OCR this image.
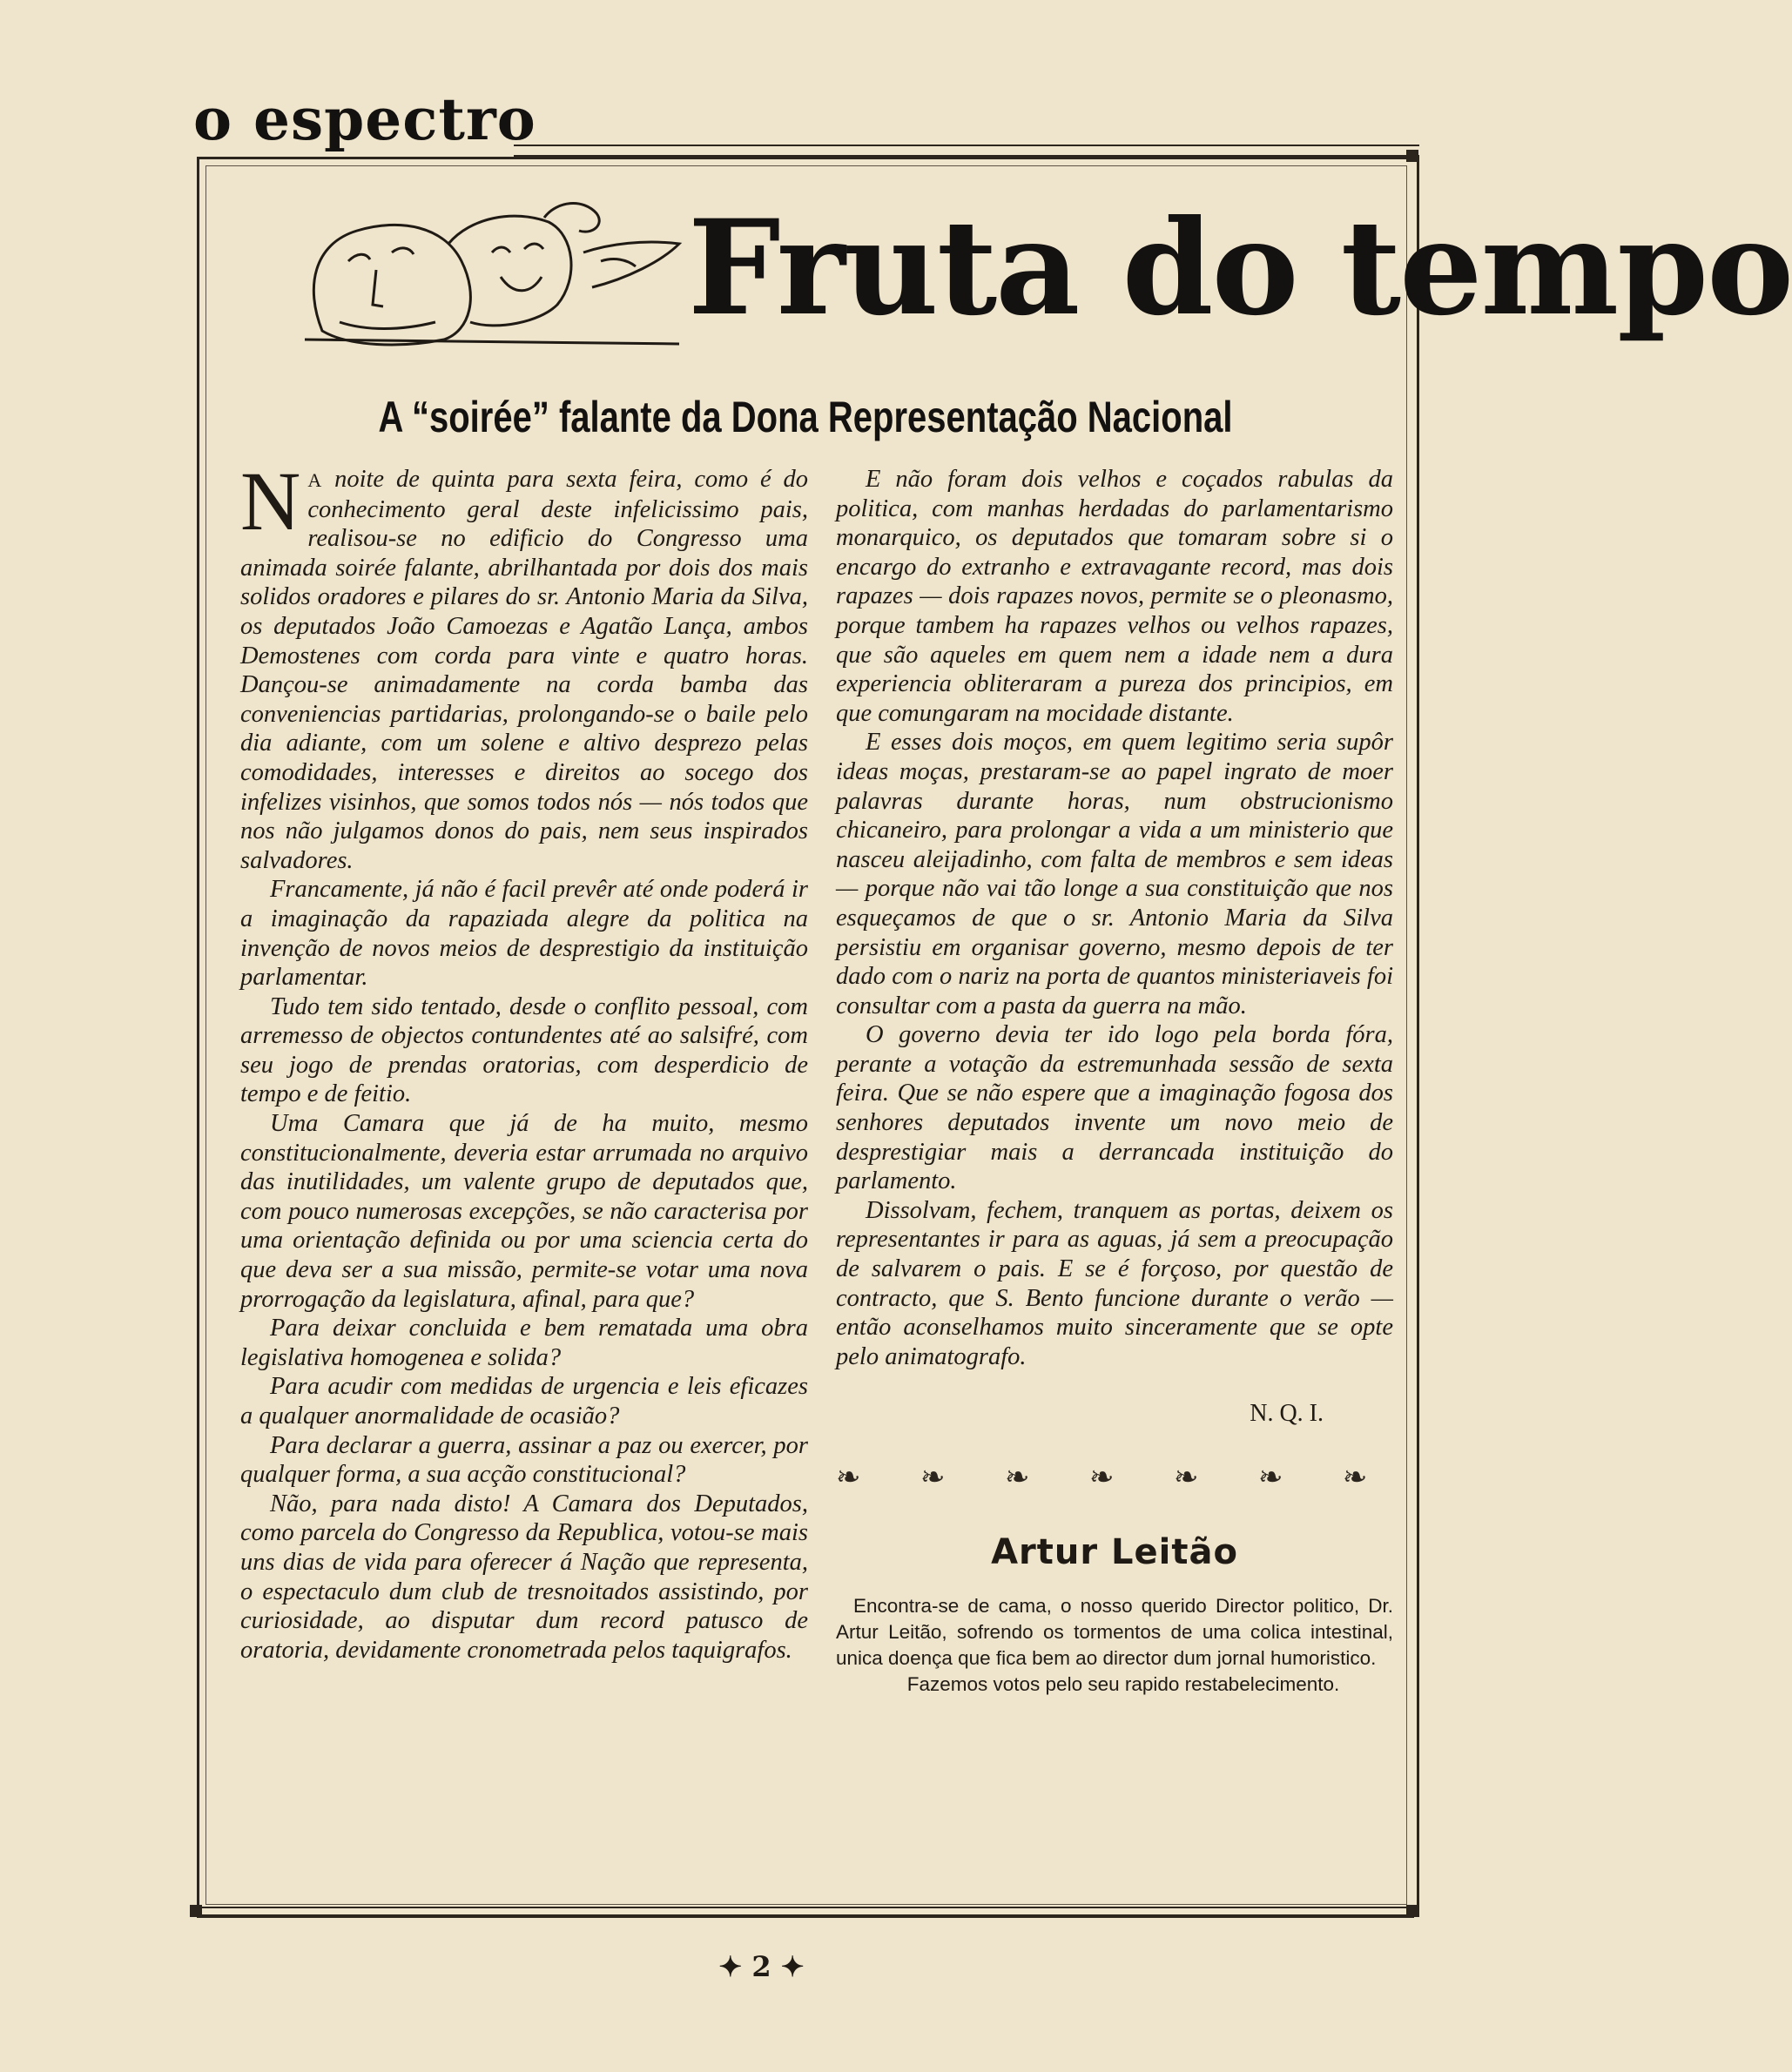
o espectro
Fruta do tempo
A “soirée” falante da Dona Representação Nacional

N A noite de quinta para sexta feira, como é do conhecimento geral deste infelicissimo pais, realisou-se no edificio do Congresso uma animada soirée falante, abrilhantada por dois dos mais solidos oradores e pilares do sr. Antonio Maria da Silva, os deputados João Camoezas e Agatão Lança, ambos Demostenes com corda para vinte e quatro horas. Dançou-se animadamente na corda bamba das conveniencias partidarias, prolongando-se o baile pelo dia adiante, com um solene e altivo desprezo pelas comodidades, interesses e direitos ao socego dos infelizes visinhos, que somos todos nós — nós todos que nos não julgamos donos do pais, nem seus inspirados salvadores.

Francamente, já não é facil prevêr até onde poderá ir a imaginação da rapaziada alegre da politica na invenção de novos meios de desprestigio da instituição parlamentar.

Tudo tem sido tentado, desde o conflito pessoal, com arremesso de objectos contundentes até ao salsifré, com seu jogo de prendas oratorias, com desperdicio de tempo e de feitio.

Uma Camara que já de ha muito, mesmo constitucionalmente, deveria estar arrumada no arquivo das inutilidades, um valente grupo de deputados que, com pouco numerosas excepções, se não caracterisa por uma orientação definida ou por uma sciencia certa do que deva ser a sua missão, permite-se votar uma nova prorrogação da legislatura, afinal, para que?

Para deixar concluida e bem rematada uma obra legislativa homogenea e solida?

Para acudir com medidas de urgencia e leis eficazes a qualquer anormalidade de ocasião?

Para declarar a guerra, assinar a paz ou exercer, por qualquer forma, a sua acção constitucional?

Não, para nada disto! A Camara dos Deputados, como parcela do Congresso da Republica, votou-se mais uns dias de vida para oferecer á Nação que representa, o espectaculo dum club de tresnoitados assistindo, por curiosidade, ao disputar dum record patusco de oratoria, devidamente cronometrada pelos taquigrafos.

E não foram dois velhos e coçados rabulas da politica, com manhas herdadas do parlamentarismo monarquico, os deputados que tomaram sobre si o encargo do extranho e extravagante record, mas dois rapazes — dois rapazes novos, permite se o pleonasmo, porque tambem ha rapazes velhos ou velhos rapazes, que são aqueles em quem nem a idade nem a dura experiencia obliteraram a pureza dos principios, em que comungaram na mocidade distante.

E esses dois moços, em quem legitimo seria supôr ideas moças, prestaram-se ao papel ingrato de moer palavras durante horas, num obstrucionismo chicaneiro, para prolongar a vida a um ministerio que nasceu aleijadinho, com falta de membros e sem ideas — porque não vai tão longe a sua constituição que nos esqueçamos de que o sr. Antonio Maria da Silva persistiu em organisar governo, mesmo depois de ter dado com o nariz na porta de quantos ministeriaveis foi consultar com a pasta da guerra na mão.

O governo devia ter ido logo pela borda fóra, perante a votação da estremunhada sessão de sexta feira. Que se não espere que a imaginação fogosa dos senhores deputados invente um novo meio de desprestigiar mais a derrancada instituição do parlamento.

Dissolvam, fechem, tranquem as portas, deixem os representantes ir para as aguas, já sem a preocupação de salvarem o pais. E se é forçoso, por questão de contracto, que S. Bento funcione durante o verão — então aconselhamos muito sinceramente que se opte pelo animatografo.

N. Q. I.
❧ ❧ ❧ ❧ ❧ ❧ ❧
Artur Leitão

Encontra-se de cama, o nosso querido Director politico, Dr. Artur Leitão, sofrendo os tormentos de uma colica intestinal, unica doença que fica bem ao director dum jornal humoristico.

Fazemos votos pelo seu rapido restabelecimento.

✦ 2 ✦
